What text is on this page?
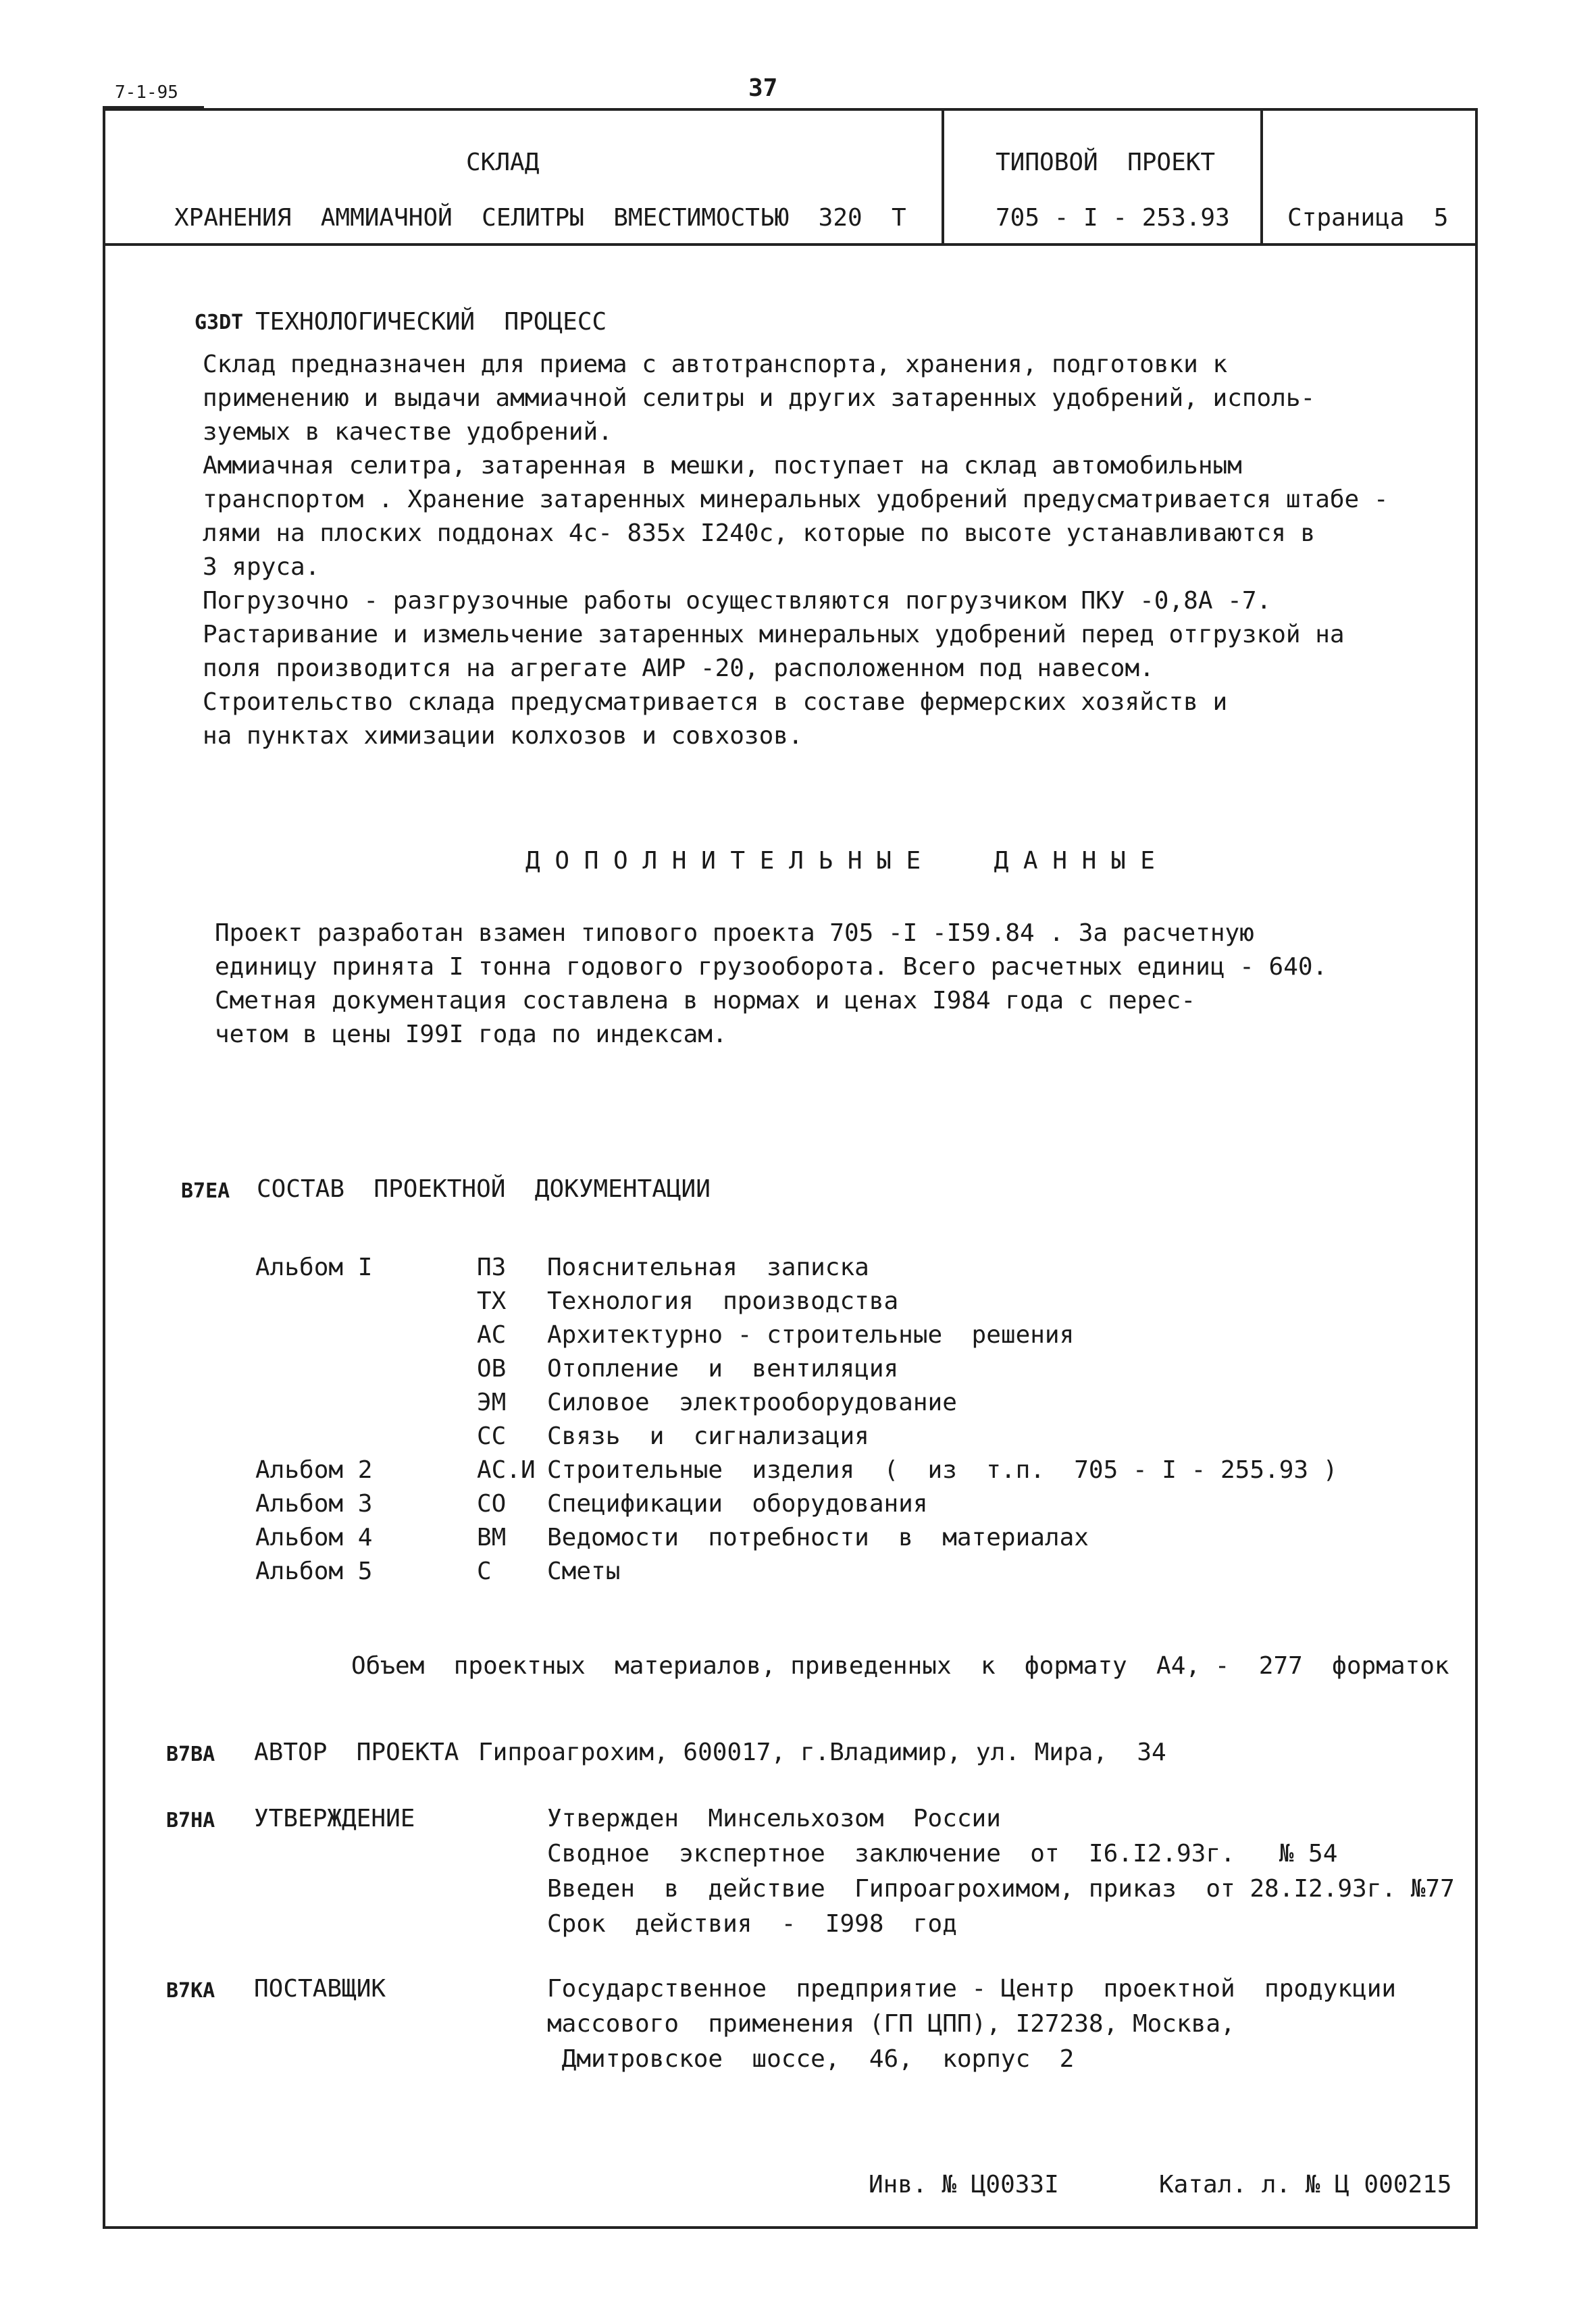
7-1-95	37
СКЛАД
ХРАНЕНИЯ  АММИАЧНОЙ  СЕЛИТРЫ  ВМЕСТИМОСТЬЮ  320  Т
ТИПОВОЙ  ПРОЕКТ
705 - I - 253.93 Страница  5
G3DT ТЕХНОЛОГИЧЕСКИЙ  ПРОЦЕСС
Склад предназначен для приема с автотранспорта, хранения, подготовки к
применению и выдачи аммиачной селитры и других затаренных удобрений, исполь-
зуемых в качестве удобрений.
Аммиачная селитра, затаренная в мешки, поступает на склад автомобильным
транспортом . Хранение затаренных минеральных удобрений предусматривается штабе -
лями на плоских поддонах 4с- 835х I240с, которые по высоте устанавливаются в
3 яруса.
Погрузочно - разгрузочные работы осуществляются погрузчиком ПКУ -0,8А -7.
Растаривание и измельчение затаренных минеральных удобрений перед отгрузкой на
поля производится на агрегате АИР -20, расположенном под навесом.
Строительство склада предусматривается в составе фермерских хозяйств и
на пунктах химизации колхозов и совхозов.
Д О П О Л Н И Т Е Л Ь Н Ы Е     Д А Н Н Ы Е
Проект разработан взамен типового проекта 705 -I -I59.84 . За расчетную
единицу принята I тонна годового грузооборота. Всего расчетных единиц - 640.
Сметная документация составлена в нормах и ценах I984 года с перес-
четом в цены I99I года по индексам.
B7EA СОСТАВ  ПРОЕКТНОЙ  ДОКУМЕНТАЦИИ
Альбом I	ПЗ Пояснительная  записка
ТХ Технология  производства
АС Архитектурно - строительные  решения
ОВ Отопление  и  вентиляция
ЭМ Силовое  электрооборудование
СС Связь  и  сигнализация
Альбом 2	АС.И Строительные  изделия  (  из  т.п.  705 - I - 255.93 )
Альбом 3	СО Спецификации  оборудования
Альбом 4	ВМ Ведомости  потребности  в  материалах
Альбом 5	С Сметы
Объем  проектных  материалов, приведенных  к  формату  А4, -  277  форматок
B7BA АВТОР  ПРОЕКТА Гипроагрохим, 600017, г.Владимир, ул. Мира,  34
B7HA УТВЕРЖДЕНИЕ	Утвержден  Минсельхозом  России
Сводное  экспертное  заключение  от  I6.I2.93г.   № 54
Введен  в  действие  Гипроагрохимом, приказ  от 28.I2.93г. №77
Срок  действия  -  I998  год
B7KA ПОСТАВЩИК	Государственное  предприятие - Центр  проектной  продукции
массового  применения (ГП ЦПП), I27238, Москва,
Дмитровское  шоссе,  46,  корпус  2
Инв. № Ц0033I	Катал. л. № Ц 000215
